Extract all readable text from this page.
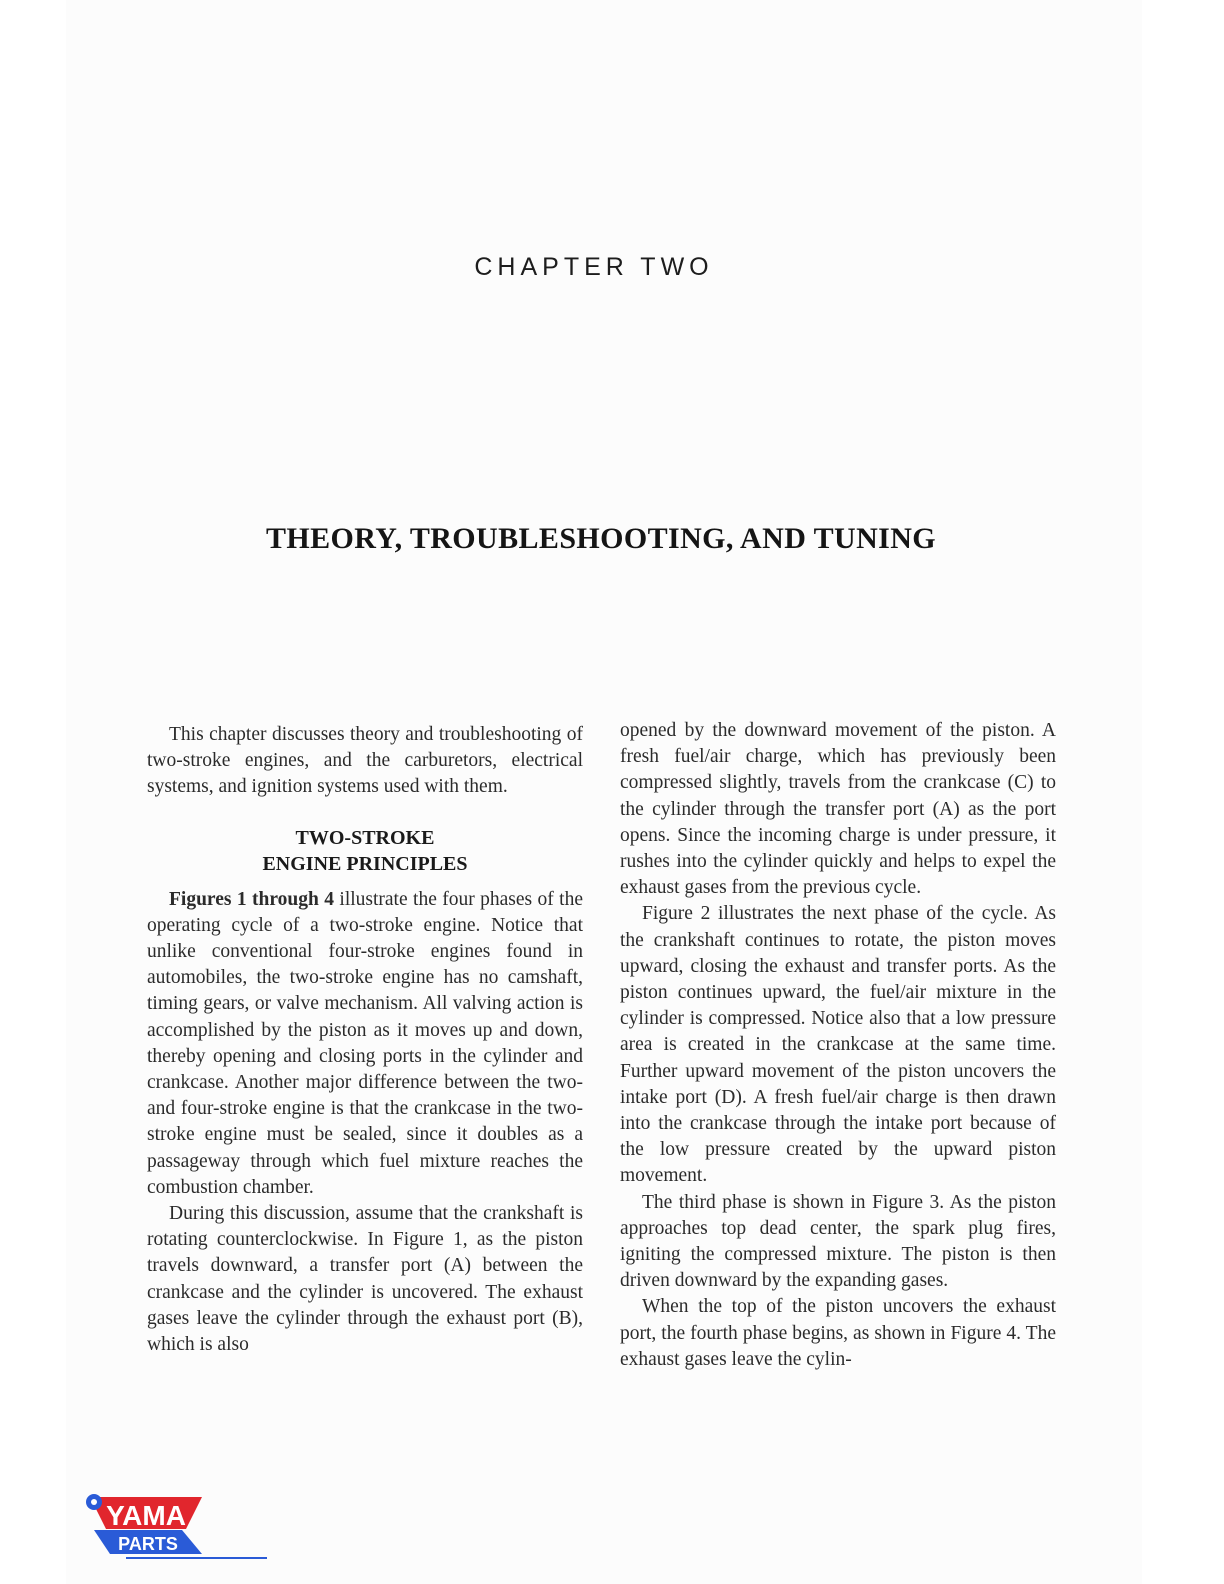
CHAPTER TWO
THEORY, TROUBLESHOOTING, AND TUNING

This chapter discusses theory and troubleshooting of two-stroke engines, and the carburetors, electrical systems, and ignition systems used with them.

TWO-STROKE
ENGINE PRINCIPLES

Figures 1 through 4 illustrate the four phases of the operating cycle of a two-stroke engine. Notice that unlike conventional four-stroke engines found in automobiles, the two-stroke engine has no camshaft, timing gears, or valve mechanism. All valving action is accomplished by the piston as it moves up and down, thereby opening and closing ports in the cylinder and crankcase. Another major difference between the two- and four-stroke engine is that the crankcase in the two-stroke engine must be sealed, since it doubles as a passageway through which fuel mixture reaches the combustion chamber.

During this discussion, assume that the crankshaft is rotating counterclockwise. In Figure 1, as the piston travels downward, a transfer port (A) between the crankcase and the cylinder is uncovered. The exhaust gases leave the cylinder through the exhaust port (B), which is also

opened by the downward movement of the piston. A fresh fuel/air charge, which has previously been compressed slightly, travels from the crankcase (C) to the cylinder through the transfer port (A) as the port opens. Since the incoming charge is under pressure, it rushes into the cylinder quickly and helps to expel the exhaust gases from the previous cycle.

Figure 2 illustrates the next phase of the cycle. As the crankshaft continues to rotate, the piston moves upward, closing the exhaust and transfer ports. As the piston continues upward, the fuel/​air mixture in the cylinder is compressed. Notice also that a low pressure area is created in the crankcase at the same time. Further upward movement of the piston uncovers the intake port (D). A fresh fuel/air charge is then drawn into the crankcase through the intake port because of the low pressure created by the upward piston movement.

The third phase is shown in Figure 3. As the piston approaches top dead center, the spark plug fires, igniting the compressed mixture. The piston is then driven downward by the expanding gases.

When the top of the piston uncovers the exhaust port, the fourth phase begins, as shown in Figure 4. The exhaust gases leave the cylin-

YAMA
PARTS
